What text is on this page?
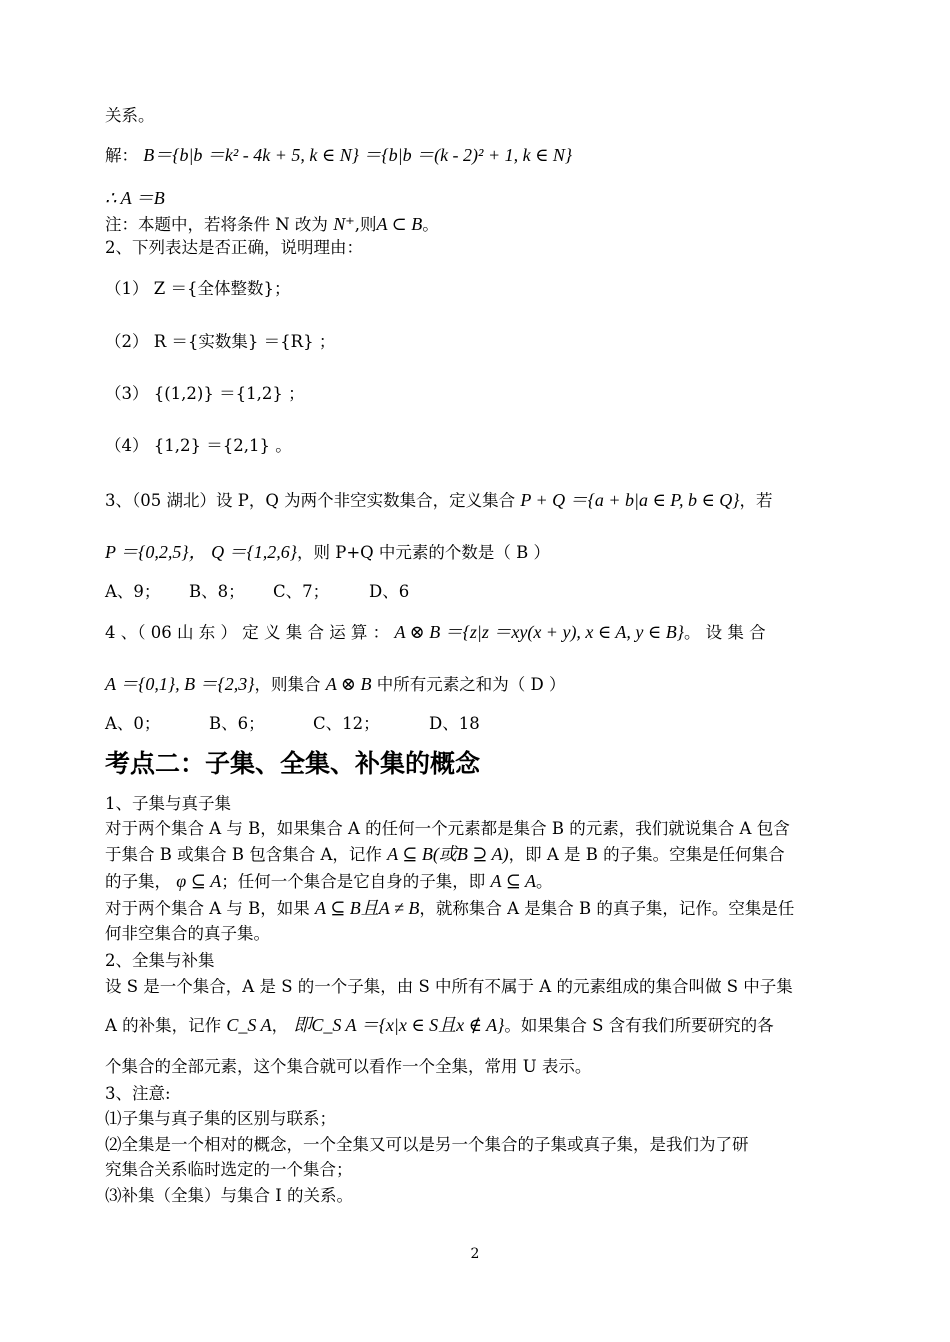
关系。
解： B＝{b|b ＝k² - 4k + 5, k ∈ N} ＝{b|b ＝(k - 2)² + 1, k ∈ N}
∴ A ＝B
注：本题中，若将条件 N 改为 N⁺,则A ⊂ B。
2、下列表达是否正确，说明理由：
（1） Z ＝{全体整数}；
（2） R ＝{实数集} ＝{R} ；
（3） {(1,2)} ＝{1,2} ；
（4） {1,2} ＝{2,1} 。
3、（05 湖北）设 P，Q 为两个非空实数集合，定义集合 P + Q ＝{a + b|a ∈ P, b ∈ Q}，若
P ＝{0,2,5}， Q ＝{1,2,6}，则 P+Q 中元素的个数是（ B ）
A、9； B、8； C、7； D、6
4 、（ 06 山 东 ） 定 义 集 合 运 算 ： A ⊗ B ＝{z|z ＝xy(x + y), x ∈ A, y ∈ B}。 设 集 合
A ＝{0,1}, B ＝{2,3}，则集合 A ⊗ B 中所有元素之和为（ D ）
A、0；	B、6；	C、12；	D、18
考点二：子集、全集、补集的概念
1、子集与真子集
对于两个集合 A 与 B，如果集合 A 的任何一个元素都是集合 B 的元素，我们就说集合 A 包含
于集合 B 或集合 B 包含集合 A，记作 A ⊆ B(或B ⊇ A)，即 A 是 B 的子集。空集是任何集合
的子集， φ ⊆ A；任何一个集合是它自身的子集，即 A ⊆ A。
对于两个集合 A 与 B，如果 A ⊆ B且A ≠ B，就称集合 A 是集合 B 的真子集，记作。空集是任
何非空集合的真子集。
2、全集与补集
设 S 是一个集合，A 是 S 的一个子集，由 S 中所有不属于 A 的元素组成的集合叫做 S 中子集
A 的补集，记作 C_S A， 即C_S A ＝{x|x ∈ S且x ∉ A}。如果集合 S 含有我们所要研究的各
个集合的全部元素，这个集合就可以看作一个全集，常用 U 表示。
3、注意:
⑴子集与真子集的区别与联系；
⑵全集是一个相对的概念，一个全集又可以是另一个集合的子集或真子集，是我们为了研
究集合关系临时选定的一个集合；
⑶补集（全集）与集合 I 的关系。
2
